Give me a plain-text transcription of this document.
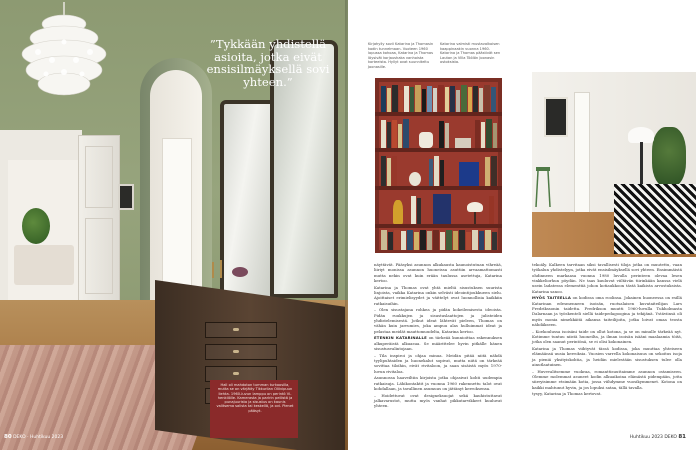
”Tykkään yhdistellä asioita, jotka eivät ensisilmäyksellä sovi yhteen.”
Hall oli mahdoton tumman turkoosilla, mutta se on värjätty Tikkurilan Oliivipuun liehta. 1960-luvun lamppu on perintö Vi-henkilölle. Kamerasta ja paririn peilistä ja punajuurista ja sisustus on kaunis valitsema salista tai keskellä, ja ovi. Pienet pääsyt.
80 DEKO · Huhtikuu 2023
Kirjahylly sovii Katarina ja Thomasin kodin tunnelmaan. Vuoteen 1960 lopussa kohoaa, Katarina ja Thomas löysivät korjaushaka vanhoista korteeista. Hyllyt ovat suunniteltu Joonasille.
Katarina valmisti mustavalkoisen kaappinaakin vuonna 1960. Katarina ja Thomas päästivät sen Lautan ja Villa Töölön Joonasin ostoksista.

näyttävät. Pääsyksi asunnon alkukausta kaunoistutuan vihreää, liiriyt monissa asunnon huoneissa asuttiin arvaamattomasti mutta nekin ovat kuin erään taulussa asetettuja, Katarina kertoo.

Katarina ja Thomas ovat yhtä mieltä sisustuksen suurista linjoista, vaikka Katarina onkin selvästi ideointijoukkueen sielu. Ajoittaiset erimielisyydet ja väittelyt ovat luonnollisia kaikkiin ratkaisuihin.

– Olen sisustajana rohkea ja pidän kokeilemisesta ideoista. Pidän ruukkujen ja sisustuslaattojen ja julisteiden yhdistelemisestä. Jotkut ideat lähtevät pieleen, Thomas on vähän kuin jarrumies, joka ampuu alas hulluimmat ideat ja pelastaa meidät mauttomuudelta, Katarina kertoo.

ETENKIN KATARINALLE on tärkeää kunnioittaa rakennuksen alkuperäistä alkuasua. Se määrittelee hyvin pitkälle hänen sisustusvalintojaan.

– Tila inspiroi ja ohjaa minua. Meidän pitää niitä nähdä tyylipuhtaiden ja huonekalut sopivat, mutta niitä on tärkeää sovittaa tiloihin, eivät rivitaloon, ja saan sisäistä myös 1970-luvun rivitaloa.

Asunnossa haaveiltiin kirjoista jotka ohjasivat kohti uudempia ratkaisuja. Lähikontaktit ja vuonna 1960 rakennettu talot ovat kohdallaan, ja tavallinen asumuus on jättänyt kerroksensa.

– Hoidettuvat ovat designeksuojat sekä kauhistuttavat jalkavarustot, mutta myös vanhat pikkutarvikkeet kuuluvat yhteen.

tekoäly. Kalkeen tarvitaan siksi tavallisesti tiloja jotka on muutettu, vaan työkalun yhdistelyyn, jotka eivät ensisilmäyksellä sovi yhteen. Ensimmäistä ohdinneen markaasa vuonna 1980 luvulla perinteen olevaa lesen vinkkeliorhun pöydän. Ne taas kuuluvat viiltävän tiirinkään kanssa vielä usein ladatessa elementtiä johon kotiaukkoon tästä kaikista arvostuksista. Katarina sanoo.

MYÖS TAITEELLA on kodissa oma roolinsa. Jokainen huoneessa on esillä Katarinan edesmenneen isoisän, ruotsalaisen kuvataiteilijan Lars Fredrikssonin taidetta. Fredrikson muutti 1960-luvulla Tukholmasta Dalarnaan ja työskenteli siellä taidepedagoogina ja tekijänä. Ystäviinsä oli myös monia nimekkäitä aikansa taiteilijoita, jotka loivat omaa teosta nähdäkseen.

– Koekoulussa isoisäni taide on ollut kotona, ja se on minulle tärkeää nyt. Kotimme tuntuu niistä huoneilta, ja ilman isoisän isääni maalaamia töitä, jotka olen saanut perintönä, se ei olisi kokonainen.

Katarina ja Thomas viihtyvät tässä kodissa, joka muuttaa yhteiseen elämäänsä uusia kerroksia. Vuosien varrella kokonaisuus on sekoitus isoja ja pieniä yksityiskohtia, ja heidän mielestään sisustuksen tulee olla ainutlaatuinen.

– Huvevalitsemme vuokraa, romanttisuuttaimme asunnon ostamiseen. Olemme molemmat asuneet kodin alkuaikoina elämästä pidempään, jotta siirryisimme etsimään kotia, jossa viihdymme vuosikymmenet. Kotona on kaikki mahtunut hyvin, ja jos lopuksi sataa, tällä tavalla.

tysyy, Katarina ja Thomas kertovat.

Huhtikuu 2023 DEKO 81
